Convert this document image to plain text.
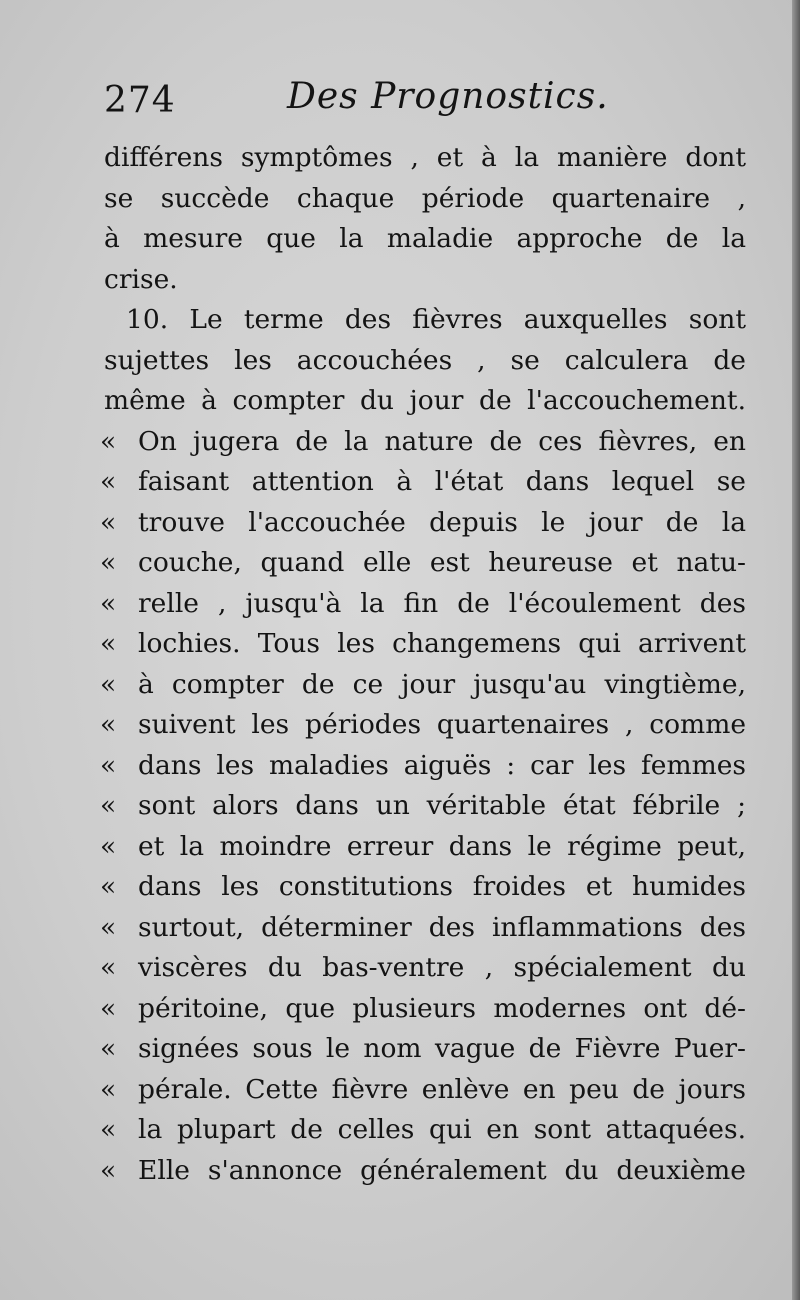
274	Des Prognostics.
différens symptômes , et à la manière dont
se succède chaque période quartenaire ,
à mesure que la maladie approche de la
crise.
10. Le terme des fièvres auxquelles sont
sujettes les accouchées , se calculera de
même à compter du jour de l'accouchement.
« On jugera de la nature de ces fièvres, en
« faisant attention à l'état dans lequel se
« trouve l'accouchée depuis le jour de la
« couche, quand elle est heureuse et natu-
« relle , jusqu'à la fin de l'écoulement des
« lochies. Tous les changemens qui arrivent
« à compter de ce jour jusqu'au vingtième,
« suivent les périodes quartenaires , comme
« dans les maladies aiguës : car les femmes
« sont alors dans un véritable état fébrile ;
« et la moindre erreur dans le régime peut,
« dans les constitutions froides et humides
« surtout, déterminer des inflammations des
« viscères du bas-ventre , spécialement du
« péritoine, que plusieurs modernes ont dé-
« signées sous le nom vague de Fièvre Puer-
« pérale. Cette fièvre enlève en peu de jours
« la plupart de celles qui en sont attaquées.
« Elle s'annonce généralement du deuxième
